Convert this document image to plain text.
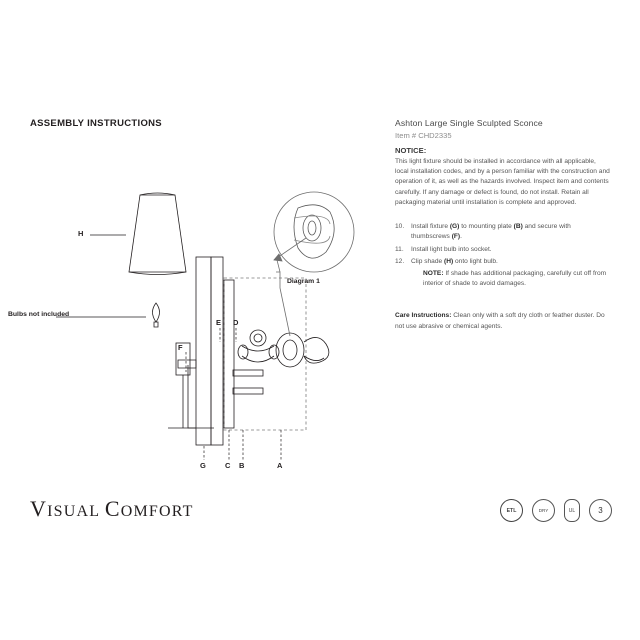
ASSEMBLY INSTRUCTIONS	Ashton Large Single Sculpted Sconce
Item # CHD2335
NOTICE:
This light fixture should be installed in accordance with all applicable, local installation codes, and by a person familiar with the construction and operation of it, as well as the hazards involved. Inspect item and contents carefully. If any damage or defect is found, do not install. Retain all packaging material until installation is complete and approved.
10. Install fixture (G) to mounting plate (B) and secure with thumbscrews (F).
11. Install light bulb into socket.
12. Clip shade (H) onto light bulb.
NOTE: If shade has additional packaging, carefully cut off from interior of shade to avoid damages.
Care Instructions: Clean only with a soft dry cloth or feather duster. Do not use abrasive or chemical agents.
H
Bulbs not included
E D
F
G	C B	A
Diagram 1
VISUAL COMFORT	ETL	DRY	UL	3
